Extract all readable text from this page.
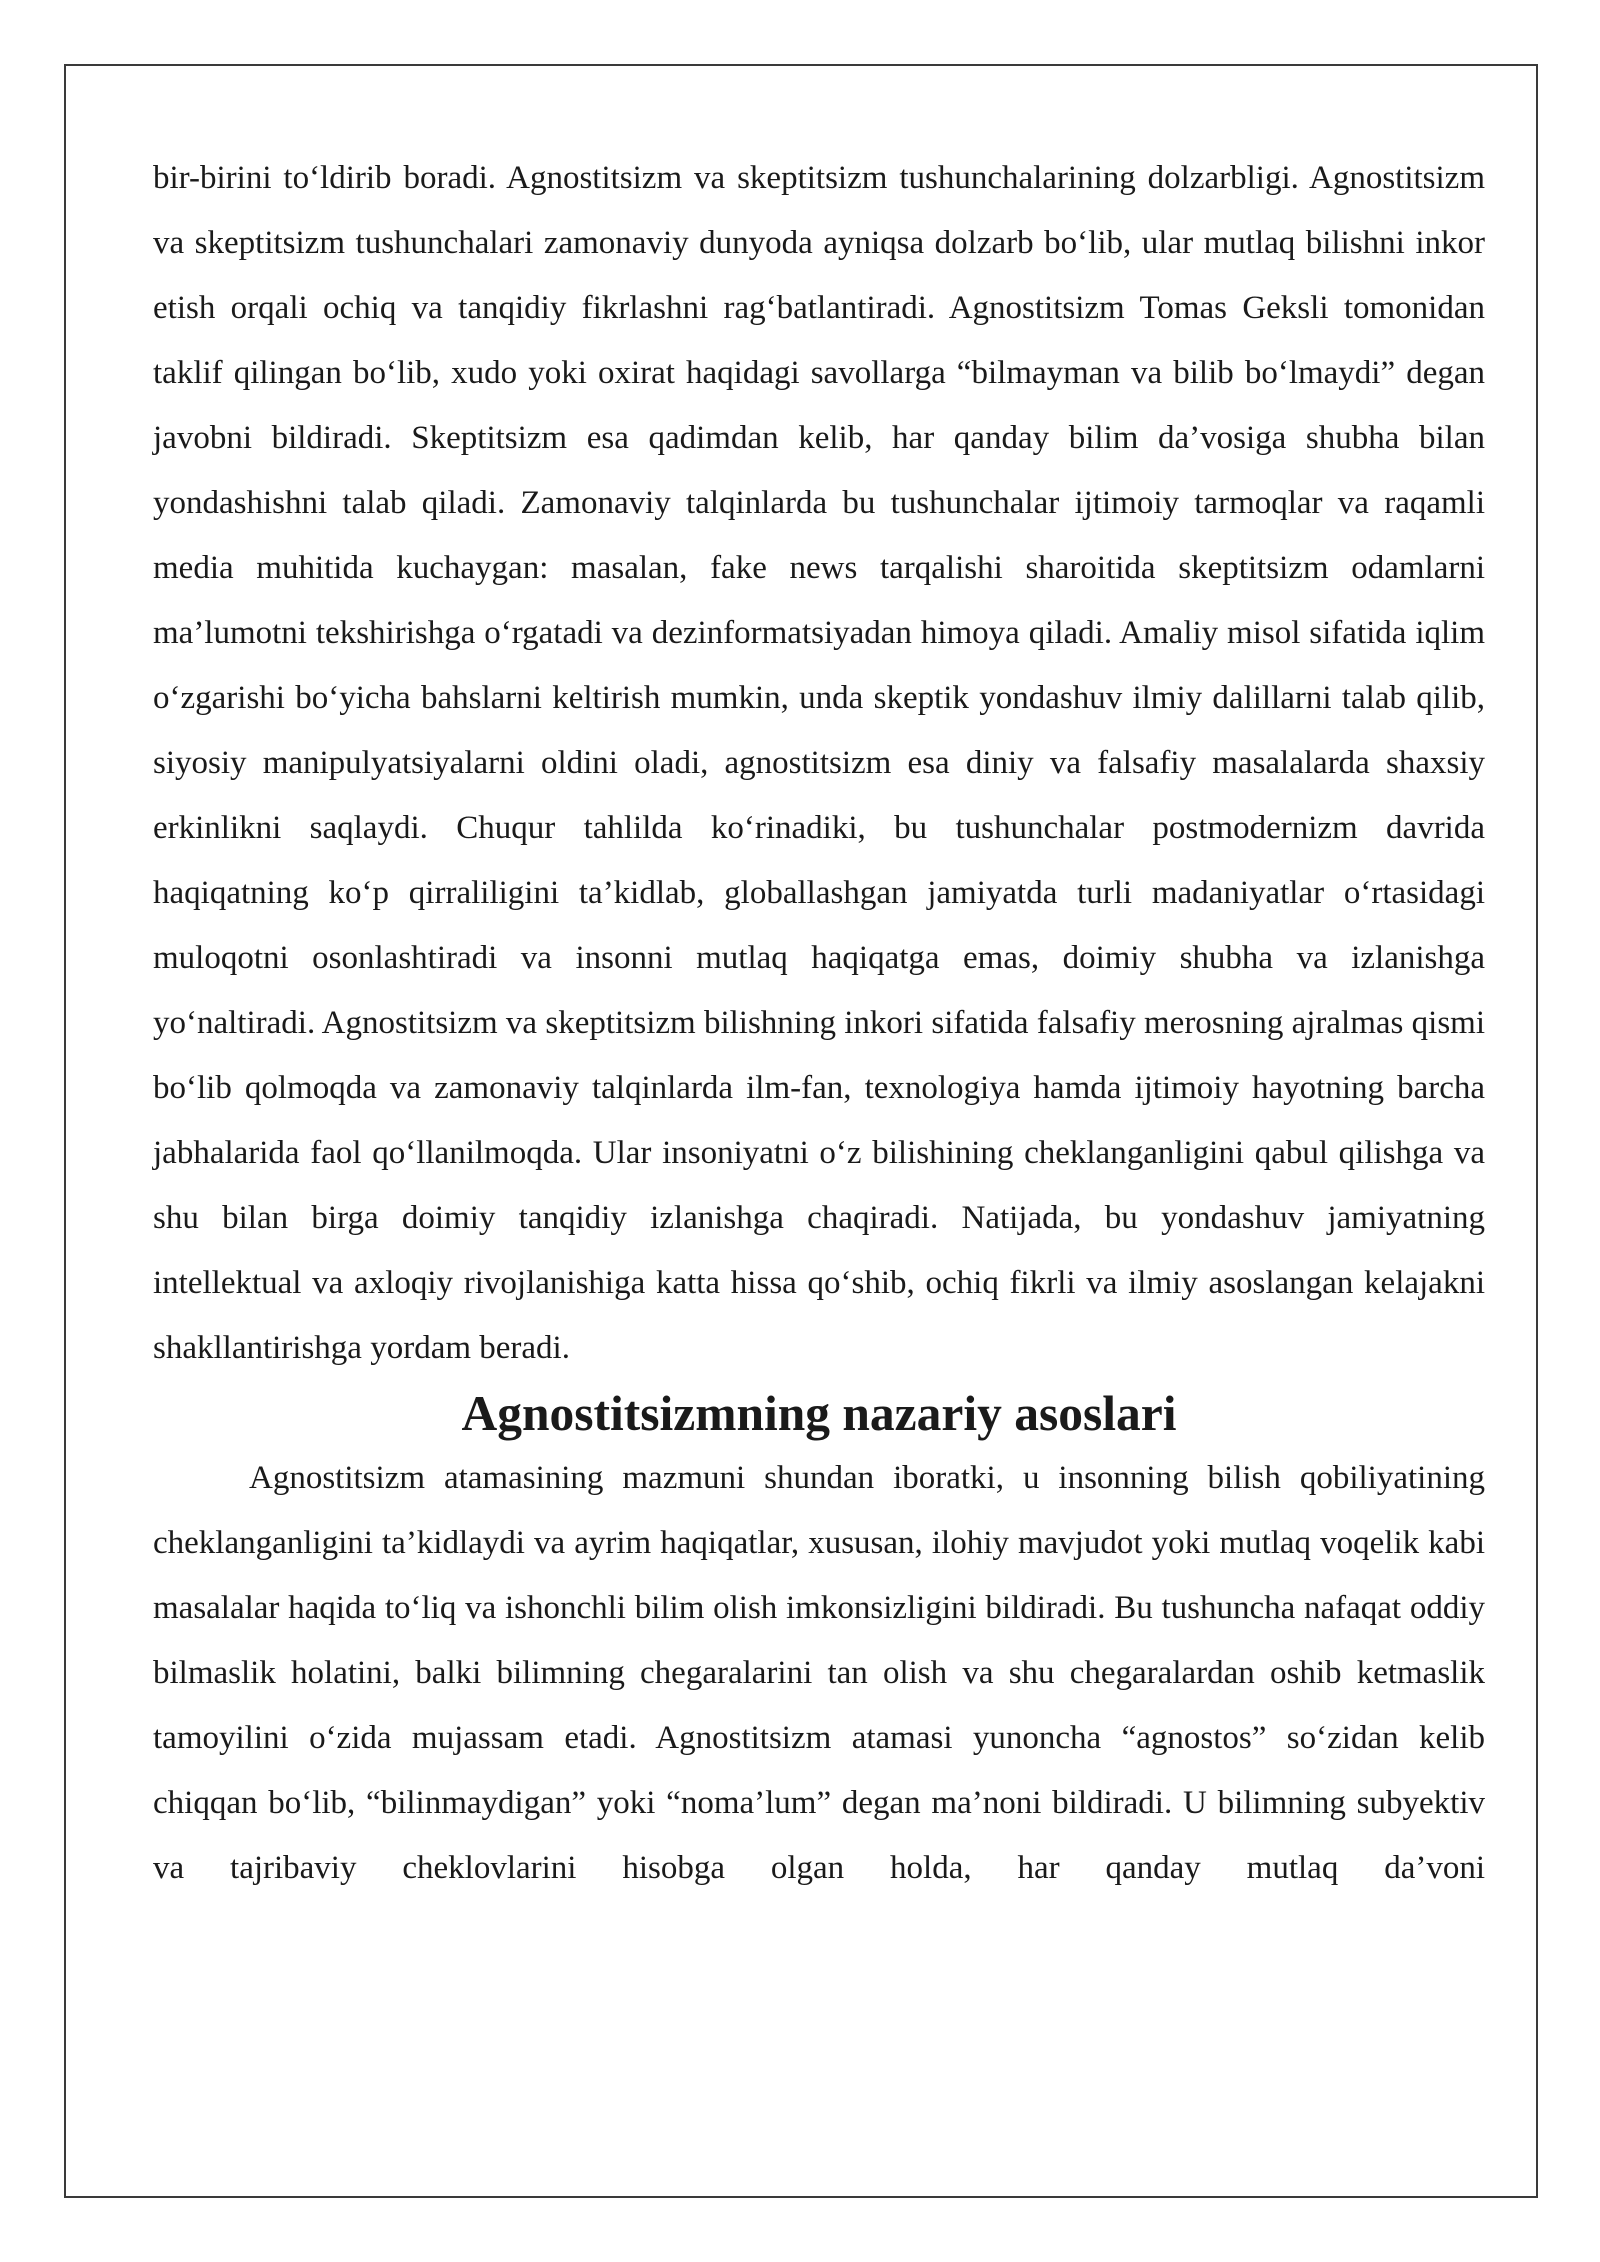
bir-birini to‘ldirib boradi. Agnostitsizm va skeptitsizm tushunchalarining dolzarbligi. Agnostitsizm va skeptitsizm tushunchalari zamonaviy dunyoda ayniqsa dolzarb bo‘lib, ular mutlaq bilishni inkor etish orqali ochiq va tanqidiy fikrlashni rag‘batlantiradi. Agnostitsizm Tomas Geksli tomonidan taklif qilingan bo‘lib, xudo yoki oxirat haqidagi savollarga “bilmayman va bilib bo‘lmaydi” degan javobni bildiradi. Skeptitsizm esa qadimdan kelib, har qanday bilim da’vosiga shubha bilan yondashishni talab qiladi. Zamonaviy talqinlarda bu tushunchalar ijtimoiy tarmoqlar va raqamli media muhitida kuchaygan: masalan, fake news tarqalishi sharoitida skeptitsizm odamlarni ma’lumotni tekshirishga o‘rgatadi va dezinformatsiyadan himoya qiladi. Amaliy misol sifatida iqlim o‘zgarishi bo‘yicha bahslarni keltirish mumkin, unda skeptik yondashuv ilmiy dalillarni talab qilib, siyosiy manipulyatsiyalarni oldini oladi, agnostitsizm esa diniy va falsafiy masalalarda shaxsiy erkinlikni saqlaydi. Chuqur tahlilda ko‘rinadiki, bu tushunchalar postmodernizm davrida haqiqatning ko‘p qirraliligini ta’kidlab, globallashgan jamiyatda turli madaniyatlar o‘rtasidagi muloqotni osonlashtiradi va insonni mutlaq haqiqatga emas, doimiy shubha va izlanishga yo‘naltiradi. Agnostitsizm va skeptitsizm bilishning inkori sifatida falsafiy merosning ajralmas qismi bo‘lib qolmoqda va zamonaviy talqinlarda ilm-fan, texnologiya hamda ijtimoiy hayotning barcha jabhalarida faol qo‘llanilmoqda. Ular insoniyatni o‘z bilishining cheklanganligini qabul qilishga va shu bilan birga doimiy tanqidiy izlanishga chaqiradi. Natijada, bu yondashuv jamiyatning intellektual va axloqiy rivojlanishiga katta hissa qo‘shib, ochiq fikrli va ilmiy asoslangan kelajakni shakllantirishga yordam beradi.

Agnostitsizmning nazariy asoslari

Agnostitsizm atamasining mazmuni shundan iboratki, u insonning bilish qobiliyatining cheklanganligini ta’kidlaydi va ayrim haqiqatlar, xususan, ilohiy mavjudot yoki mutlaq voqelik kabi masalalar haqida to‘liq va ishonchli bilim olish imkonsizligini bildiradi. Bu tushuncha nafaqat oddiy bilmaslik holatini, balki bilimning chegaralarini tan olish va shu chegaralardan oshib ketmaslik tamoyilini o‘zida mujassam etadi. Agnostitsizm atamasi yunoncha “agnostos” so‘zidan kelib chiqqan bo‘lib, “bilinmaydigan” yoki “noma’lum” degan ma’noni bildiradi. U bilimning subyektiv va tajribaviy cheklovlarini hisobga olgan holda, har qanday mutlaq da’voni
